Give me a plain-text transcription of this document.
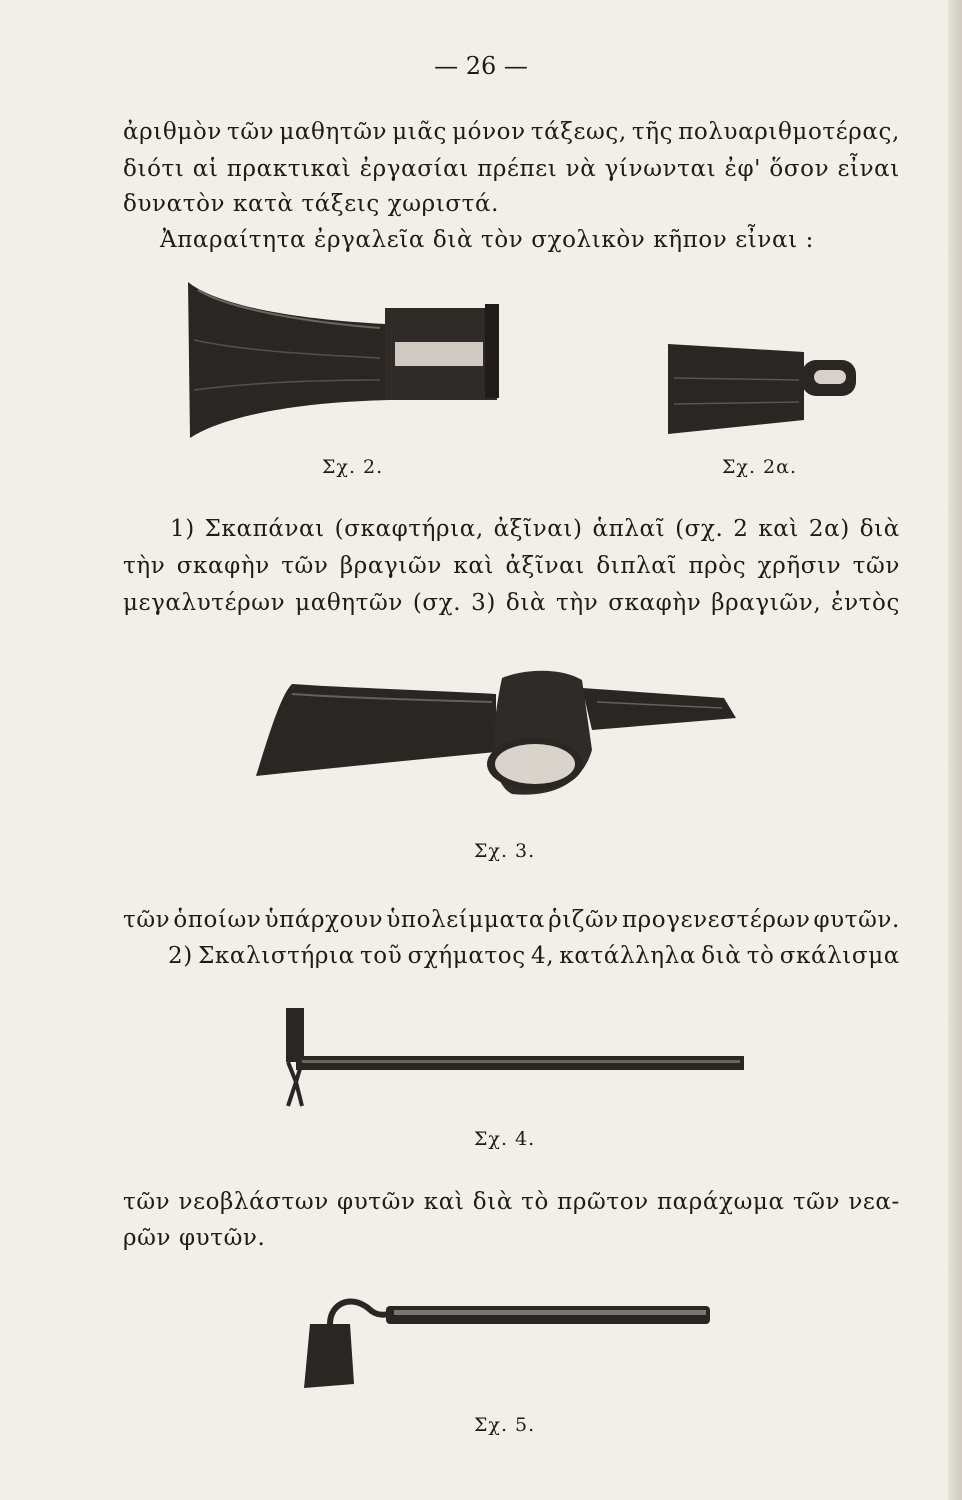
— 26 —
ἀριθμὸν τῶν μαθητῶν μιᾶς μόνον τάξεως, τῆς πολυαριθμοτέρας,
διότι αἱ πρακτικαὶ ἐργασίαι πρέπει νὰ γίνωνται ἐφ' ὅσον εἶναι
δυνατὸν κατὰ τάξεις χωριστά.
Ἀπαραίτητα ἐργαλεῖα διὰ τὸν σχολικὸν κῆπον εἶναι :
Σχ. 2.	Σχ. 2α.
1) Σκαπάναι (σκαφτήρια, ἀξῖναι) ἁπλαῖ (σχ. 2 καὶ 2α) διὰ
τὴν σκαφὴν τῶν βραγιῶν καὶ ἀξῖναι διπλαῖ πρὸς χρῆσιν τῶν
μεγαλυτέρων μαθητῶν (σχ. 3) διὰ τὴν σκαφὴν βραγιῶν, ἐντὸς
Σχ. 3.
τῶν ὁποίων ὑπάρχουν ὑπολείμματα ῥιζῶν προγενεστέρων φυτῶν.
2) Σκαλιστήρια τοῦ σχήματος 4, κατάλληλα διὰ τὸ σκάλισμα
Σχ. 4.
τῶν νεοβλάστων φυτῶν καὶ διὰ τὸ πρῶτον παράχωμα τῶν νεα-
ρῶν φυτῶν.
Σχ. 5.
